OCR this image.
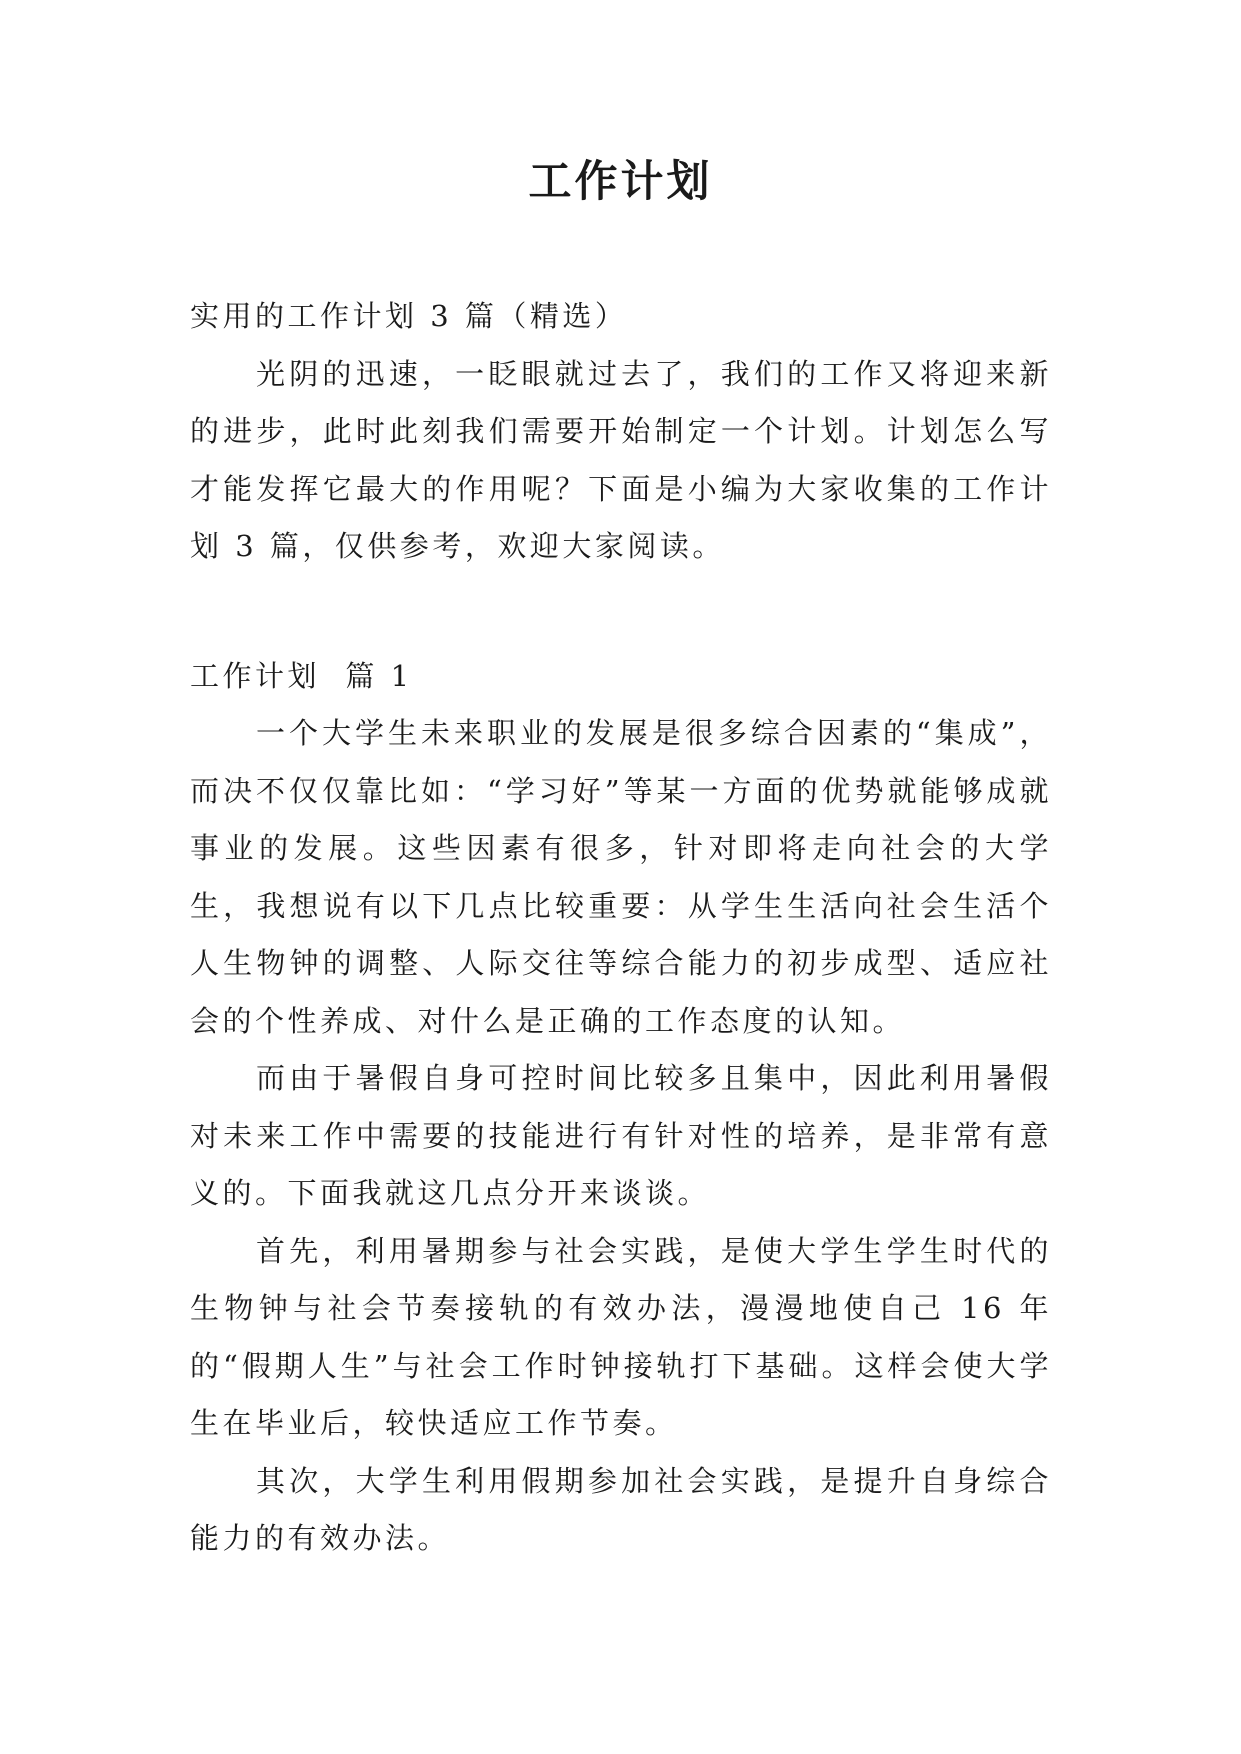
工作计划

实用的工作计划 3 篇（精选）

光阴的迅速，一眨眼就过去了，我们的工作又将迎来新的进步，此时此刻我们需要开始制定一个计划。计划怎么写才能发挥它最大的作用呢？下面是小编为大家收集的工作计划 3 篇，仅供参考，欢迎大家阅读。

工作计划  篇 1

一个大学生未来职业的发展是很多综合因素的“集成”，而决不仅仅靠比如：“学习好”等某一方面的优势就能够成就事业的发展。这些因素有很多，针对即将走向社会的大学生，我想说有以下几点比较重要：从学生生活向社会生活个人生物钟的调整、人际交往等综合能力的初步成型、适应社会的个性养成、对什么是正确的工作态度的认知。

而由于暑假自身可控时间比较多且集中，因此利用暑假对未来工作中需要的技能进行有针对性的培养，是非常有意义的。下面我就这几点分开来谈谈。

首先，利用暑期参与社会实践，是使大学生学生时代的生物钟与社会节奏接轨的有效办法，漫漫地使自己 16 年的“假期人生”与社会工作时钟接轨打下基础。这样会使大学生在毕业后，较快适应工作节奏。

其次，大学生利用假期参加社会实践，是提升自身综合能力的有效办法。
